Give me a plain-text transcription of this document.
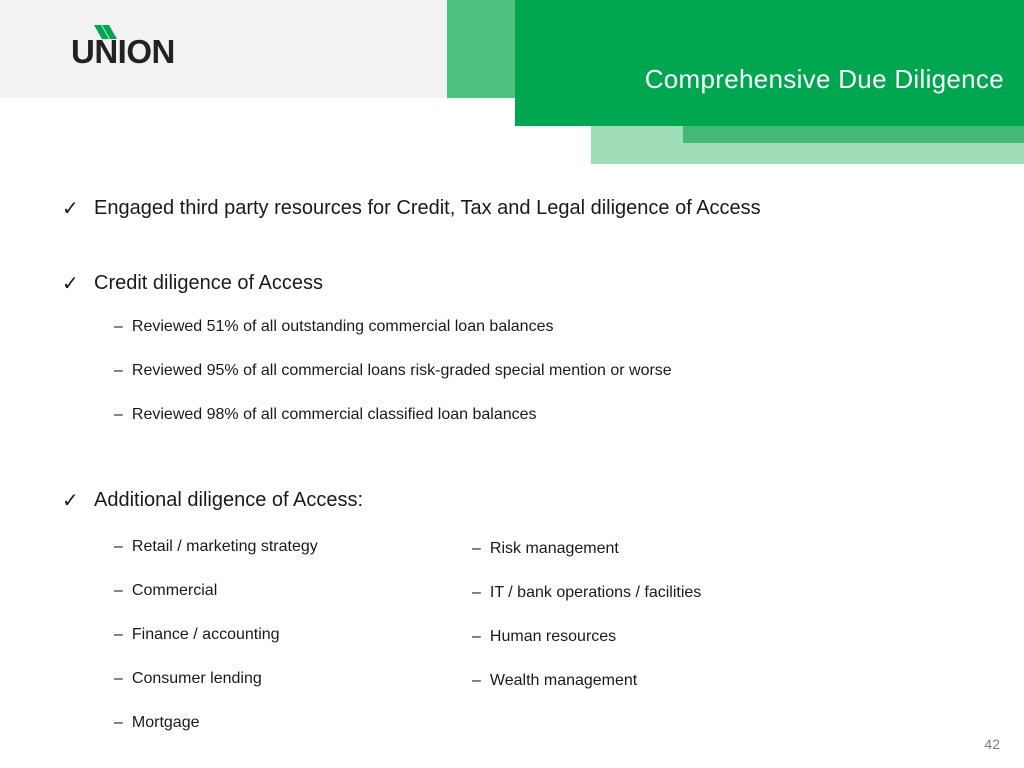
Comprehensive Due Diligence
UNION
✓ Engaged third party resources for Credit, Tax and Legal diligence of Access
✓ Credit diligence of Access
– Reviewed 51% of all outstanding commercial loan balances
– Reviewed 95% of all commercial loans risk-graded special mention or worse
– Reviewed 98% of all commercial classified loan balances
✓ Additional diligence of Access:
– Retail / marketing strategy
– Commercial
– Finance / accounting
– Consumer lending
– Mortgage
– Risk management
– IT / bank operations / facilities
– Human resources
– Wealth management
42
